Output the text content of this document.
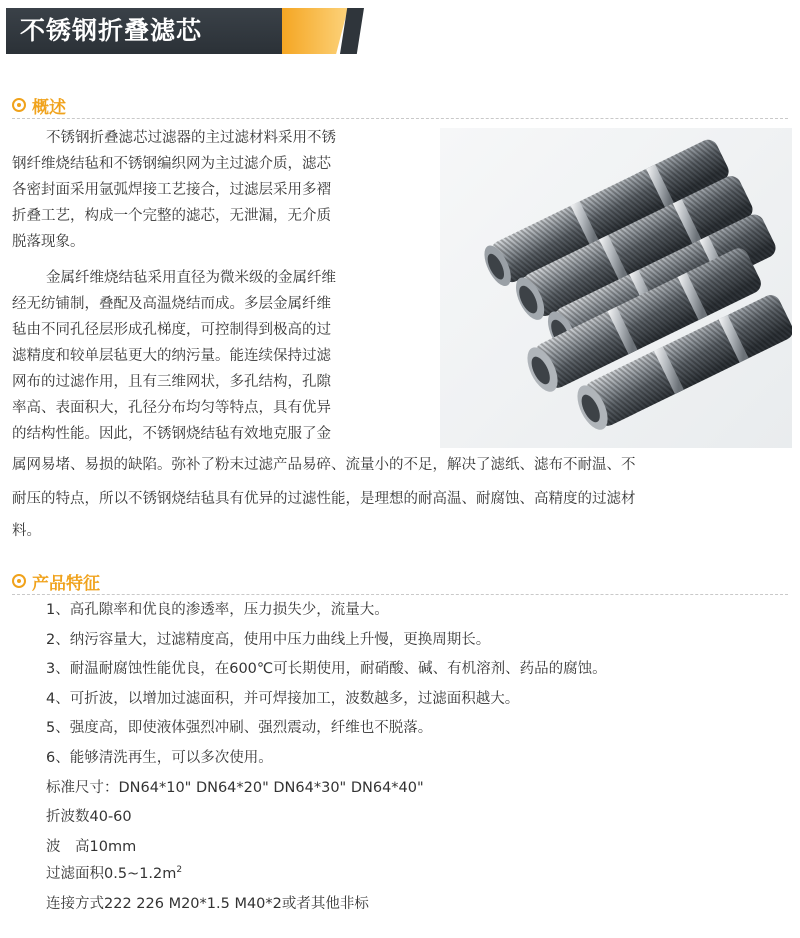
不锈钢折叠滤芯
概述

不锈钢折叠滤芯过滤器的主过滤材料采用不锈

钢纤维烧结毡和不锈钢编织网为主过滤介质，滤芯

各密封面采用氩弧焊接工艺接合，过滤层采用多褶

折叠工艺，构成一个完整的滤芯，无泄漏，无介质

脱落现象。

金属纤维烧结毡采用直径为微米级的金属纤维

经无纺铺制，叠配及高温烧结而成。多层金属纤维

毡由不同孔径层形成孔梯度，可控制得到极高的过

滤精度和较单层毡更大的纳污量。能连续保持过滤

网布的过滤作用，且有三维网状，多孔结构，孔隙

率高、表面积大，孔径分布均匀等特点，具有优异

的结构性能。因此，不锈钢烧结毡有效地克服了金

属网易堵、易损的缺陷。弥补了粉末过滤产品易碎、流量小的不足，解决了滤纸、滤布不耐温、不

耐压的特点，所以不锈钢烧结毡具有优异的过滤性能，是理想的耐高温、耐腐蚀、高精度的过滤材

料。

产品特征
1、高孔隙率和优良的渗透率，压力损失少，流量大。
2、纳污容量大，过滤精度高，使用中压力曲线上升慢，更换周期长。
3、耐温耐腐蚀性能优良，在600℃可长期使用，耐硝酸、碱、有机溶剂、药品的腐蚀。
4、可折波，以增加过滤面积，并可焊接加工，波数越多，过滤面积越大。
5、强度高，即使液体强烈冲刷、强烈震动，纤维也不脱落。
6、能够清洗再生，可以多次使用。
标准尺寸：DN64*10" DN64*20" DN64*30" DN64*40"
折波数40-60
波　高10mm

过滤面积$0.5\sim 1.2m^2$

连接方式222 226 M20*1.5 M40*2或者其他非标
